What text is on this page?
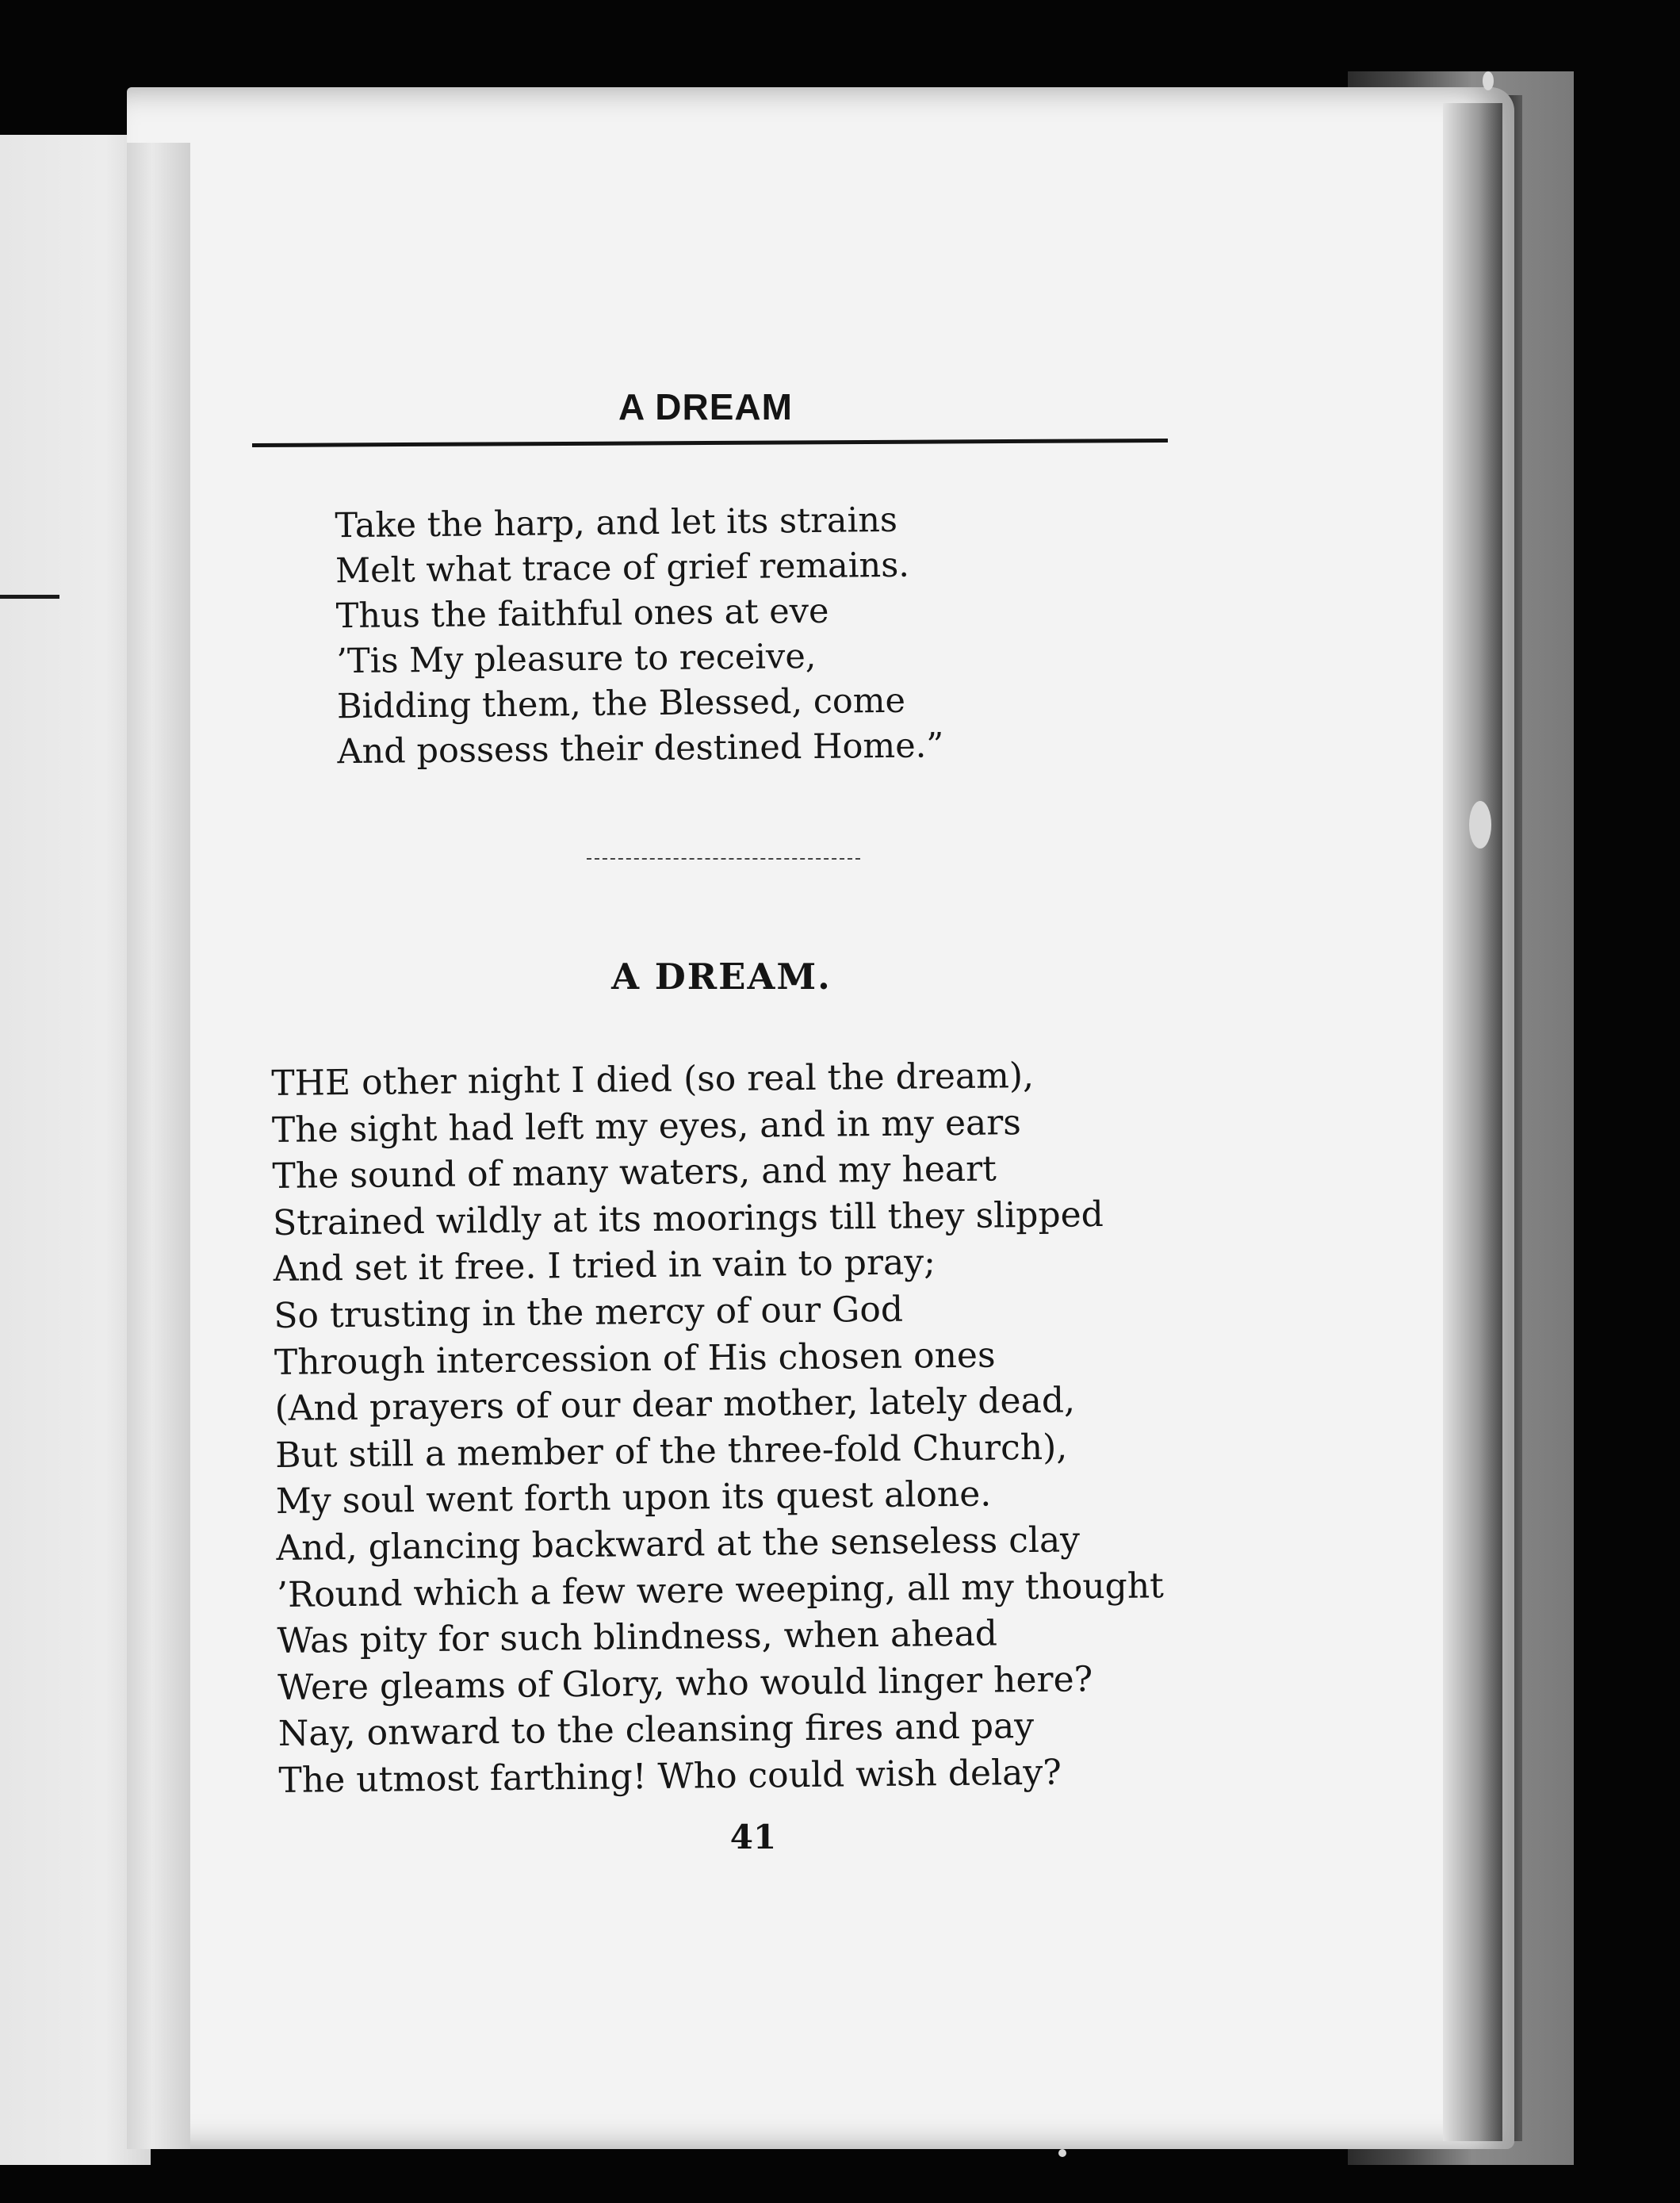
A DREAM
Take the harp, and let its strains
Melt what trace of grief remains.
Thus the faithful ones at eve
’Tis My pleasure to receive,
Bidding them, the Blessed, come
And possess their destined Home.”
A DREAM.
THE other night I died (so real the dream),
The sight had left my eyes, and in my ears
The sound of many waters, and my heart
Strained wildly at its moorings till they slipped
And set it free. I tried in vain to pray;
So trusting in the mercy of our God
Through intercession of His chosen ones
(And prayers of our dear mother, lately dead,
But still a member of the three-fold Church),
My soul went forth upon its quest alone.
And, glancing backward at the senseless clay
’Round which a few were weeping, all my thought
Was pity for such blindness, when ahead
Were gleams of Glory, who would linger here?
Nay, onward to the cleansing fires and pay
The utmost farthing! Who could wish delay?

41
